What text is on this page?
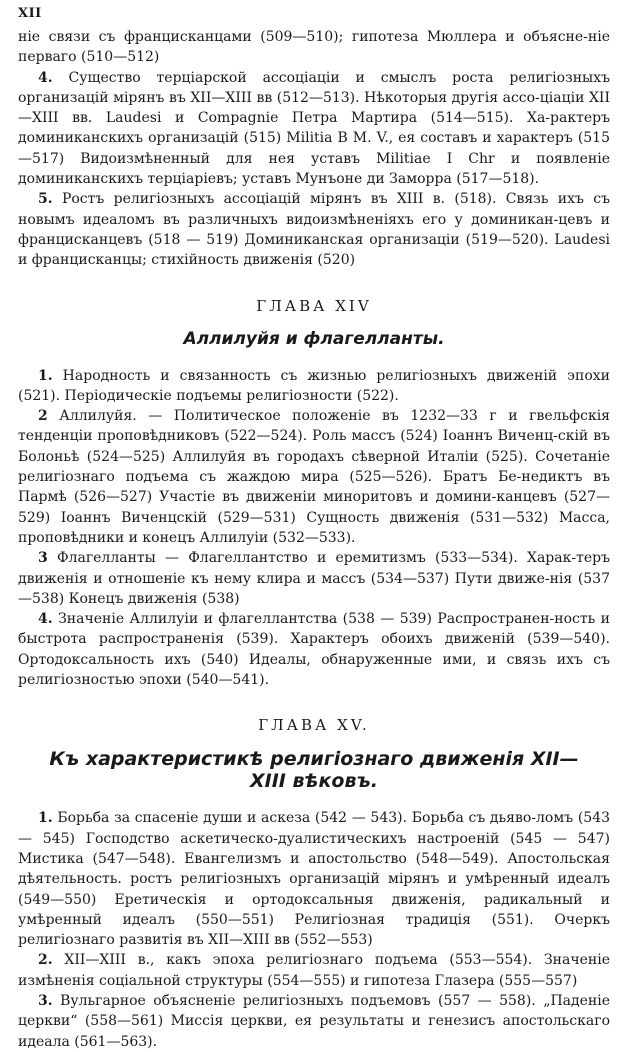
XII

ніе связи съ францисканцами (509—510); гипотеза Мюллера и объясне-ніе перваго (510—512)

4. Существо терціарской ассоціаціи и смыслъ роста религіозныхъ организацій мірянъ въ XII—XIII вв (512—513). Нѣкоторыя другія ассо-ціаціи XII—XIII вв. Laudesi и Compagnie Петра Мартира (514—515). Ха-рактеръ доминиканскихъ организацій (515) Militia B M. V., ея составъ и характеръ (515—517) Видоизмѣненный для нея уставъ Militiae I Chr и появленіе доминиканскихъ терціаріевъ; уставъ Мунъоне ди Заморра (517—518).

5. Ростъ религіозныхъ ассоціацій мірянъ въ XIII в. (518). Связь ихъ съ новымъ идеаломъ въ различныхъ видоизмѣненіяхъ его у доминикан-цевъ и францисканцевъ (518 — 519) Доминиканская организаціи (519—520). Laudesi и францисканцы; стихійность движенія (520)

ГЛАВА XIV
Аллилуйя и флагелланты.

1. Народность и связанность съ жизнью религіозныхъ движеній эпохи (521). Періодическіе подъемы религіозности (522).

2 Аллилуйя. — Политическое положеніе въ 1232—33 г и гвельфскія тенденціи проповѣдниковъ (522—524). Роль массъ (524) Іоаннъ Виченц-скій въ Болоньѣ (524—525) Аллилуйя въ городахъ сѣверной Италіи (525). Сочетаніе религіознаго подъема съ жаждою мира (525—526). Братъ Бе-недиктъ въ Пармѣ (526—527) Участіе въ движеніи миноритовъ и домини-канцевъ (527—529) Іоаннъ Виченцскій (529—531) Сущность движенія (531—532) Масса, проповѣдники и конецъ Аллилуіи (532—533).

3 Флагелланты — Флагеллантство и еремитизмъ (533—534). Харак-теръ движенія и отношеніе къ нему клира и массъ (534—537) Пути движе-нія (537—538) Конецъ движенія (538)

4. Значеніе Аллилуіи и флагеллантства (538 — 539) Распространен-ность и быстрота распространенія (539). Характеръ обоихъ движеній (539—540). Ортодоксальность ихъ (540) Идеалы, обнаруженные ими, и связь ихъ съ религіозностью эпохи (540—541).

ГЛАВА XV.
Къ характеристикѣ религіознаго движенія XII—
XIII вѣковъ.

1. Борьба за спасеніе души и аскеза (542 — 543). Борьба съ дьяво-ломъ (543 — 545) Господство аскетическо-дуалистическихъ настроеній (545 — 547) Мистика (547—548). Евангелизмъ и апостольство (548—549). Апостольская дѣятельность. ростъ религіозныхъ организацій мірянъ и умѣренный идеалъ (549—550) Еретическія и ортодоксальныя движенія, радикальный и умѣренный идеалъ (550—551) Религіозная традиція (551). Очеркъ религіознаго развитія въ XII—XIII вв (552—553)

2. XII—XIII в., какъ эпоха религіознаго подъема (553—554). Значеніе измѣненія соціальной структуры (554—555) и гипотеза Глазера (555—557)

3. Вульгарное объясненіе религіозныхъ подъемовъ (557 — 558). „Паденіе церкви“ (558—561) Миссія церкви, ея результаты и генезисъ апостольскаго идеала (561—563).
